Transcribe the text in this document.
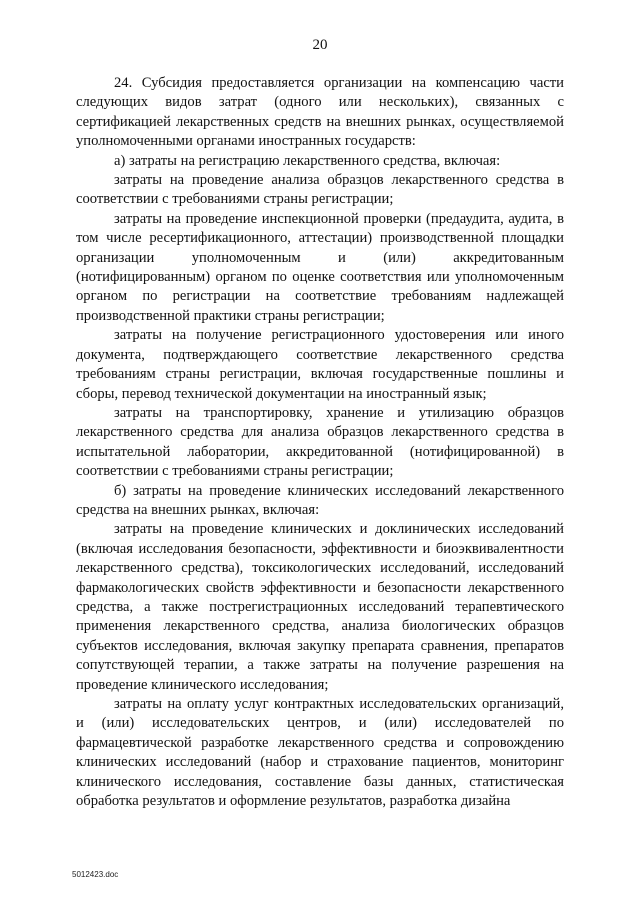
20

24. Субсидия предоставляется организации на компенсацию части следующих видов затрат (одного или нескольких), связанных с сертификацией лекарственных средств на внешних рынках, осуществляемой уполномоченными органами иностранных государств:

а) затраты на регистрацию лекарственного средства, включая:

затраты на проведение анализа образцов лекарственного средства в соответствии с требованиями страны регистрации;

затраты на проведение инспекционной проверки (предаудита, аудита, в том числе ресертификационного, аттестации) производственной площадки организации уполномоченным и (или) аккредитованным (нотифицированным) органом по оценке соответствия или уполномоченным органом по регистрации на соответствие требованиям надлежащей производственной практики страны регистрации;

затраты на получение регистрационного удостоверения или иного документа, подтверждающего соответствие лекарственного средства требованиям страны регистрации, включая государственные пошлины и сборы, перевод технической документации на иностранный язык;

затраты на транспортировку, хранение и утилизацию образцов лекарственного средства для анализа образцов лекарственного средства в испытательной лаборатории, аккредитованной (нотифицированной) в соответствии с требованиями страны регистрации;

б) затраты на проведение клинических исследований лекарственного средства на внешних рынках, включая:

затраты на проведение клинических и доклинических исследований (включая исследования безопасности, эффективности и биоэквивалентности лекарственного средства), токсикологических исследований, исследований фармакологических свойств эффективности и безопасности лекарственного средства, а также пострегистрационных исследований терапевтического применения лекарственного средства, анализа биологических образцов субъектов исследования, включая закупку препарата сравнения, препаратов сопутствующей терапии, а также затраты на получение разрешения на проведение клинического исследования;

затраты на оплату услуг контрактных исследовательских организаций, и (или) исследовательских центров, и (или) исследователей по фармацевтической разработке лекарственного средства и сопровождению клинических исследований (набор и страхование пациентов, мониторинг клинического исследования, составление базы данных, статистическая обработка результатов и оформление результатов, разработка дизайна

5012423.doc
